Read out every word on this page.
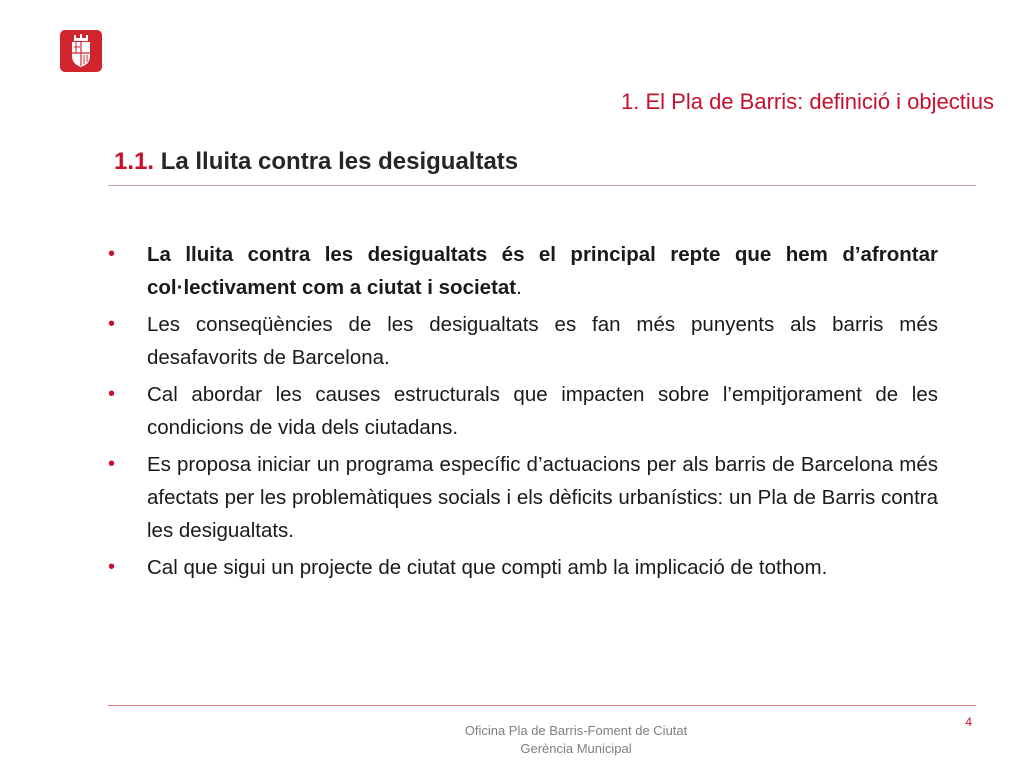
1. El Pla de Barris: definició i objectius
1.1. La lluita contra les desigualtats
• La lluita contra les desigualtats és el principal repte que hem d’afrontar col·lectivament com a ciutat i societat.
• Les conseqüències de les desigualtats es fan més punyents als barris més desafavorits de Barcelona.
• Cal abordar les causes estructurals que impacten sobre l’empitjorament de les condicions de vida dels ciutadans.
• Es proposa iniciar un programa específic d’actuacions per als barris de Barcelona més afectats per les problemàtiques socials i els dèficits urbanístics: un Pla de Barris contra les desigualtats.
• Cal que sigui un projecte de ciutat que compti amb la implicació de tothom.
4
Oficina Pla de Barris-Foment de Ciutat
Gerència Municipal
